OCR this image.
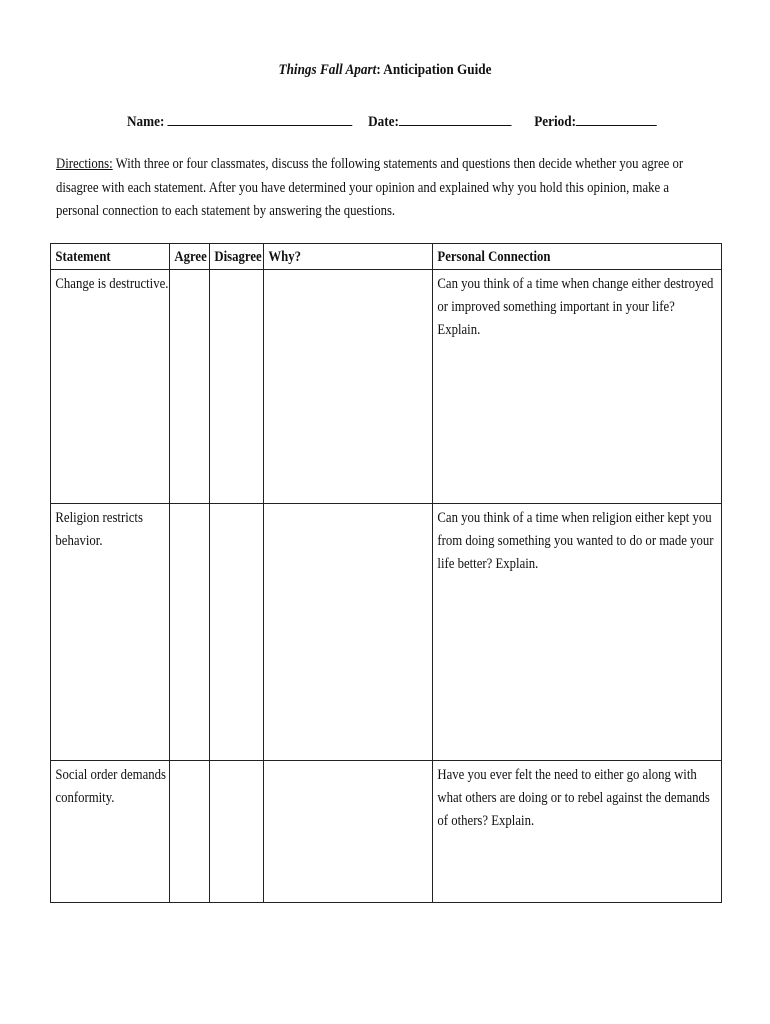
Things Fall Apart: Anticipation Guide
Name:	Date:	Period:
Directions: With three or four classmates, discuss the following statements and questions then decide whether you agree or disagree with each statement. After you have determined your opinion and explained why you hold this opinion, make a personal connection to each statement by answering the questions.
Statement	Agree	Disagree	Why?	Personal Connection

Change is destructive.				Can you think of a time when change either destroyed or improved something important in your life? Explain.

Religion restricts behavior.				Can you think of a time when religion either kept you from doing something you wanted to do or made your life better? Explain.

Social order demands conformity.				Have you ever felt the need to either go along with what others are doing or to rebel against the demands of others? Explain.
